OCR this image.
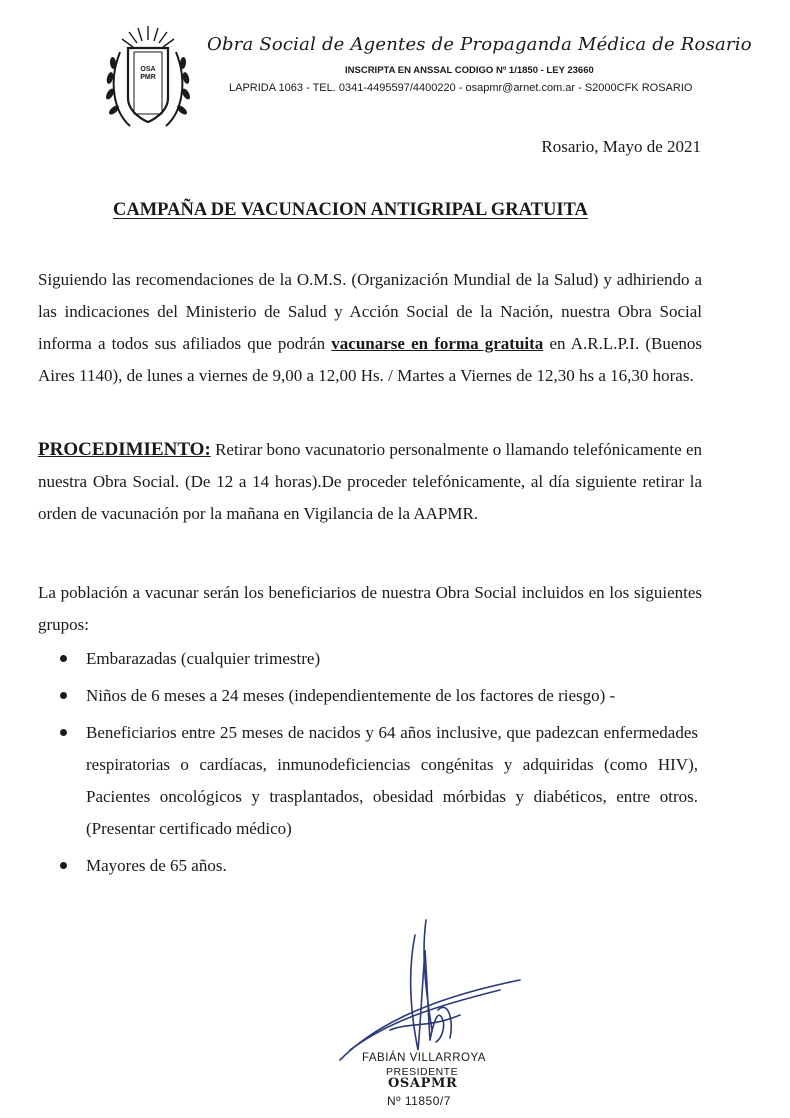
OSAPMR
Obra Social de Agentes de Propaganda Médica de Rosario
INSCRIPTA EN ANSSAL CODIGO Nº 1/1850 - LEY 23660
LAPRIDA 1063 - TEL. 0341-4495597/4400220 - osapmr@arnet.com.ar - S2000CFK ROSARIO
Rosario, Mayo de 2021
CAMPAÑA DE VACUNACION ANTIGRIPAL GRATUITA
Siguiendo las recomendaciones de la O.M.S. (Organización Mundial de la Salud) y adhiriendo a las indicaciones del Ministerio de Salud y Acción Social de la Nación, nuestra Obra Social informa a todos sus afiliados que podrán vacunarse en forma gratuita en A.R.L.P.I. (Buenos Aires 1140), de lunes a viernes de 9,00 a 12,00 Hs. / Martes a Viernes de 12,30 hs a 16,30 horas.
PROCEDIMIENTO: Retirar bono vacunatorio personalmente o llamando telefónicamente en nuestra Obra Social. (De 12 a 14 horas).De proceder telefónicamente, al día siguiente retirar la orden de vacunación por la mañana en Vigilancia de la AAPMR.
La población a vacunar serán los beneficiarios de nuestra Obra Social incluidos en los siguientes grupos:
Embarazadas (cualquier trimestre)
Niños de 6 meses a 24 meses (independientemente de los factores de riesgo) -
Beneficiarios entre 25 meses de nacidos y 64 años inclusive, que padezcan enfermedades respiratorias o cardíacas, inmunodeficiencias congénitas y adquiridas (como HIV), Pacientes oncológicos y trasplantados, obesidad mórbidas y diabéticos, entre otros.(Presentar certificado médico)
Mayores de 65 años.
FABIÁN VILLARROYA
PRESIDENTE
OSAPMR
Nº 11850/7
